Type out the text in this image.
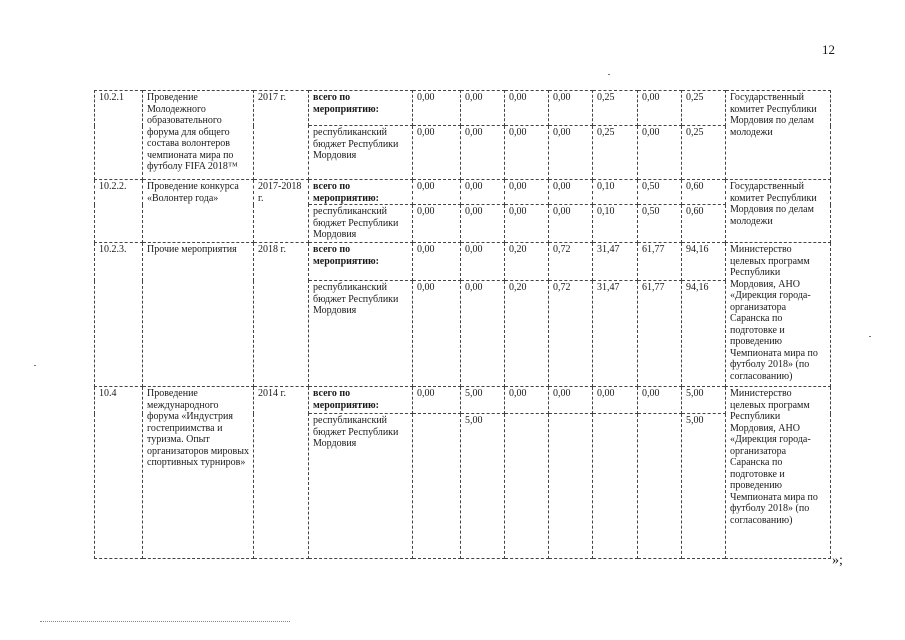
12
10.2.1	Проведение Молодежного образовательного форума для общего состава волонтеров чемпионата мира по футболу FIFA 2018™	2017 г.	всего по мероприятию:	0,00	0,00	0,00	0,00	0,25	0,00	0,25	Государственный комитет Республики Мордовия по делам молодежи
			республиканский бюджет Республики Мордовия	0,00	0,00	0,00	0,00	0,25	0,00	0,25	
10.2.2.	Проведение конкурса «Волонтер года»	2017-2018 г.	всего по мероприятию:	0,00	0,00	0,00	0,00	0,10	0,50	0,60	Государственный комитет Республики Мордовия по делам молодежи
			республиканский бюджет Республики Мордовия	0,00	0,00	0,00	0,00	0,10	0,50	0,60	
10.2.3.	Прочие мероприятия	2018 г.	всего по мероприятию:	0,00	0,00	0,20	0,72	31,47	61,77	94,16	Министерство целевых программ Республики Мордовия, АНО «Дирекция города-организатора Саранска по подготовке и проведению Чемпионата мира по футболу 2018» (по согласованию)
			республиканский бюджет Республики Мордовия	0,00	0,00	0,20	0,72	31,47	61,77	94,16	
10.4	Проведение международного форума «Индустрия гостеприимства и туризма. Опыт организаторов мировых спортивных турниров»	2014 г.	всего по мероприятию:	0,00	5,00	0,00	0,00	0,00	0,00	5,00	Министерство целевых программ Республики Мордовия, АНО «Дирекция города-организатора Саранска по подготовке и проведению Чемпионата мира по футболу 2018» (по согласованию)
			республиканский бюджет Республики Мордовия		5,00					5,00	
»;
